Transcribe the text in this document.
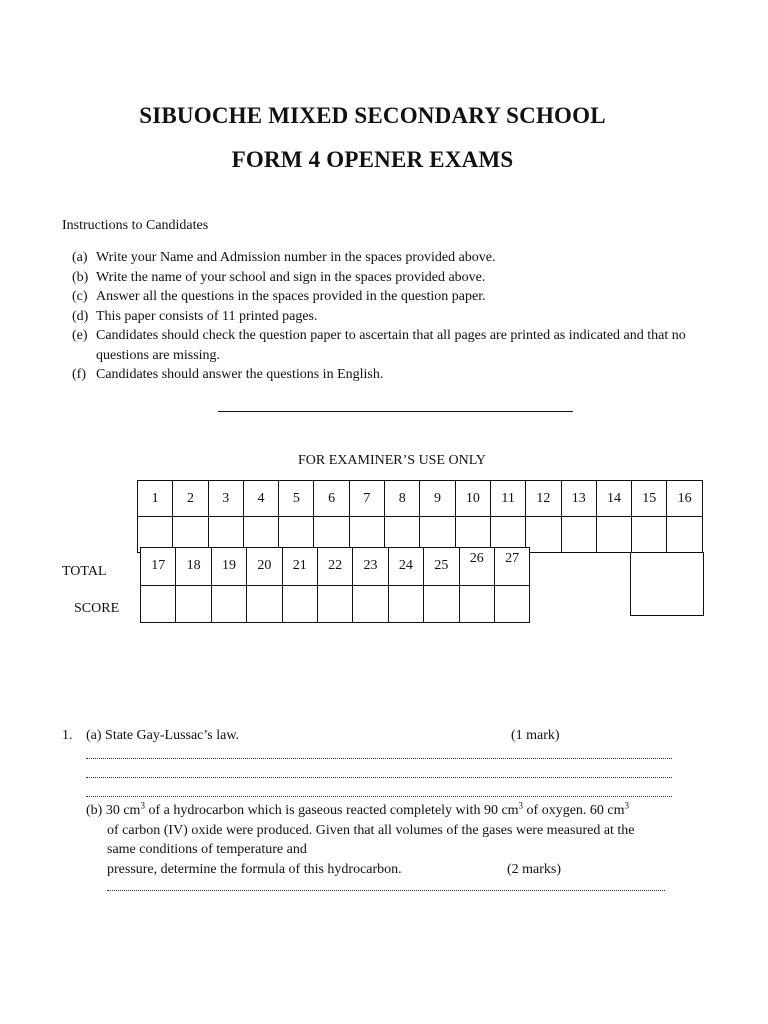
SIBUOCHE MIXED SECONDARY SCHOOL
FORM 4 OPENER EXAMS
Instructions to Candidates
(a) Write your Name and Admission number in the spaces provided above.
(b) Write the name of your school and sign in the spaces provided above.
(c) Answer all the questions in the spaces provided in the question paper.
(d) This paper consists of 11 printed pages.
(e) Candidates should check the question paper to ascertain that all pages are printed as indicated and that no questions are missing.
(f) Candidates should answer the questions in English.
FOR EXAMINER’S USE ONLY
1	2	3	4	5	6	7	8	9	10	11	12	13	14	15	16

17	18	19	20	21	22	23	24	25	26	27

TOTAL
SCORE
1. (a) State Gay-Lussac’s law.	(1 mark)
(b) 30 $cm^3$ of a hydrocarbon which is gaseous reacted completely with 90 $cm^3$ of oxygen. 60 $cm^3$
of carbon (IV) oxide were produced. Given that all volumes of the gases were measured at the
same conditions of temperature and
pressure, determine the formula of this hydrocarbon.	(2 marks)
